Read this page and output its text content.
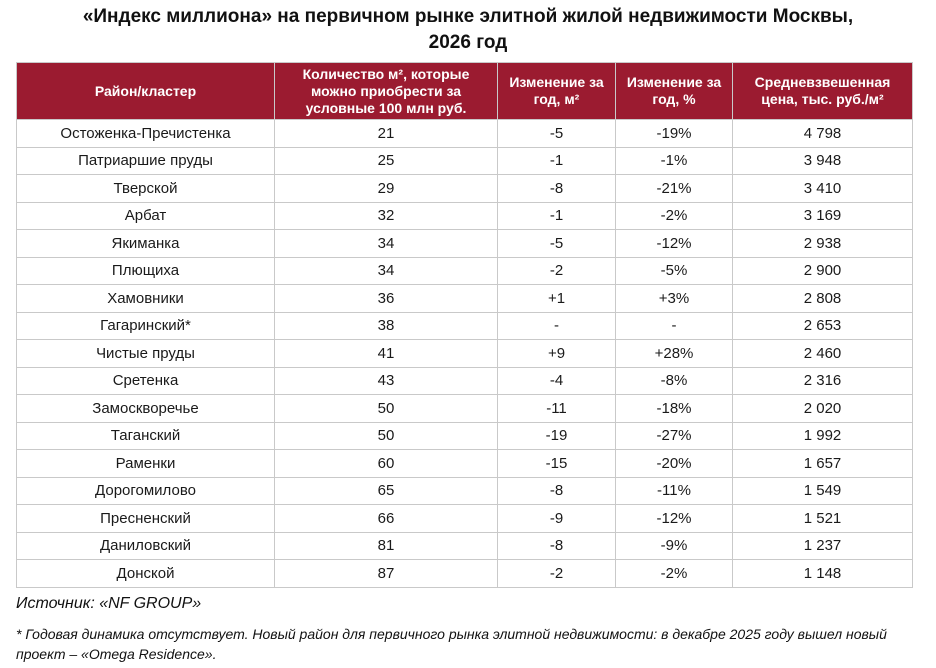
«Индекс миллиона» на первичном рынке элитной жилой недвижимости Москвы,
2026 год
Район/кластер	Количество м², которые можно приобрести за условные 100 млн руб.	Изменение за год, м²	Изменение за год, %	Средневзвешенная цена, тыс. руб./м²
Остоженка-Пречистенка	21	-5	-19%	4 798
Патриаршие пруды	25	-1	-1%	3 948
Тверской	29	-8	-21%	3 410
Арбат	32	-1	-2%	3 169
Якиманка	34	-5	-12%	2 938
Плющиха	34	-2	-5%	2 900
Хамовники	36	+1	+3%	2 808
Гагаринский*	38	-	-	2 653
Чистые пруды	41	+9	+28%	2 460
Сретенка	43	-4	-8%	2 316
Замоскворечье	50	-11	-18%	2 020
Таганский	50	-19	-27%	1 992
Раменки	60	-15	-20%	1 657
Дорогомилово	65	-8	-11%	1 549
Пресненский	66	-9	-12%	1 521
Даниловский	81	-8	-9%	1 237
Донской	87	-2	-2%	1 148
Источник: «NF GROUP»
* Годовая динамика отсутствует. Новый район для первичного рынка элитной недвижимости: в декабре 2025 году вышел новый проект – «Omega Residence».
